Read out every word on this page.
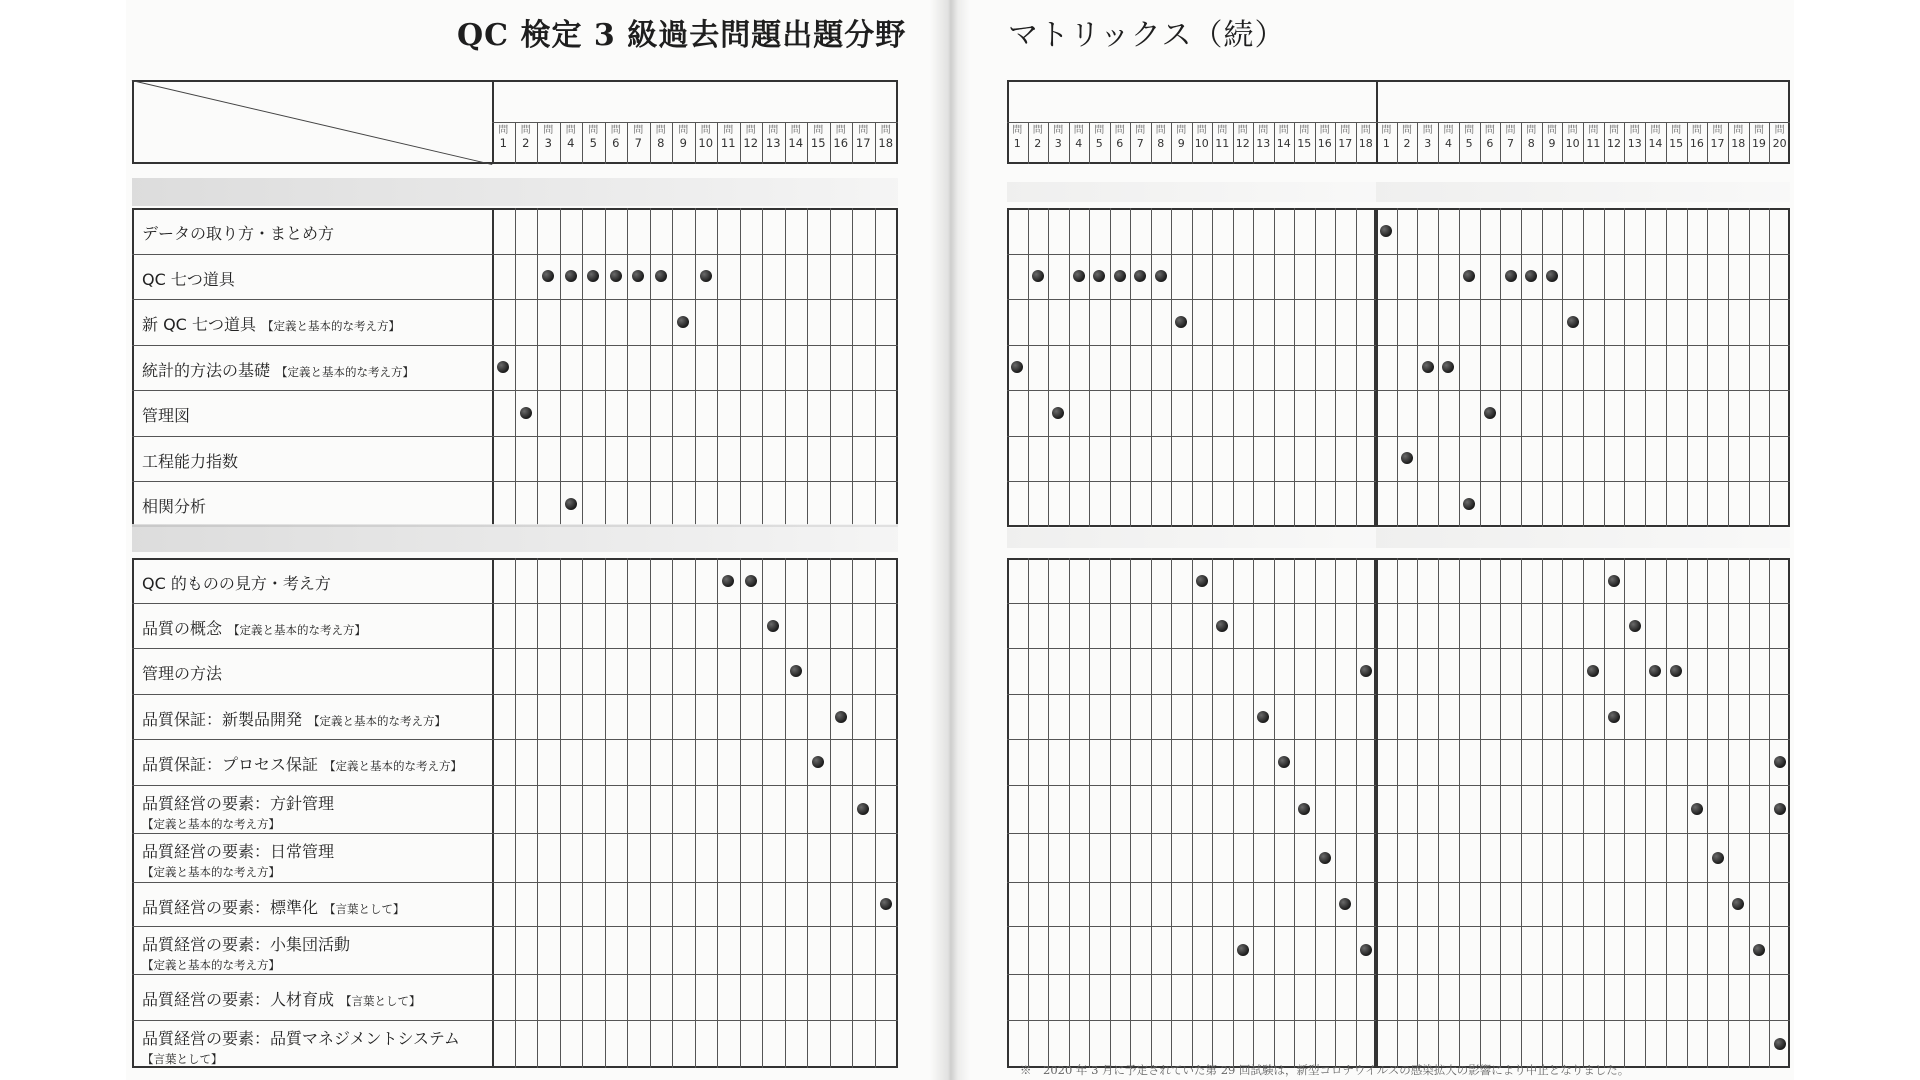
QC 検定 3 級過去問題出題分野	マトリックス（続）
問
1
問
2
問
3
問
4
問
5
問
6
問
7
問
8
問
9
問
10
問
11
問
12
問
13
問
14
問
15
問
16
問
17
問
18
データの取り方・まとめ方
QC 七つ道具
新 QC 七つ道具 【定義と基本的な考え方】
統計的方法の基礎 【定義と基本的な考え方】
管理図
工程能力指数
相関分析
QC 的ものの見方・考え方
品質の概念 【定義と基本的な考え方】
管理の方法
品質保証：新製品開発 【定義と基本的な考え方】
品質保証：プロセス保証 【定義と基本的な考え方】
品質経営の要素：方針管理
【定義と基本的な考え方】
品質経営の要素：日常管理
【定義と基本的な考え方】
品質経営の要素：標準化 【言葉として】
品質経営の要素：小集団活動
【定義と基本的な考え方】
品質経営の要素：人材育成 【言葉として】
品質経営の要素：品質マネジメントシステム
【言葉として】
問
1
問
2
問
3
問
4
問
5
問
6
問
7
問
8
問
9
問
10
問
11
問
12
問
13
問
14
問
15
問
16
問
17
問
18
問
1
問
2
問
3
問
4
問
5
問
6
問
7
問
8
問
9
問
10
問
11
問
12
問
13
問
14
問
15
問
16
問
17
問
18
問
19
問
20
※　2020 年 3 月に予定されていた第 29 回試験は，新型コロナウイルスの感染拡大の影響により中止となりました。
